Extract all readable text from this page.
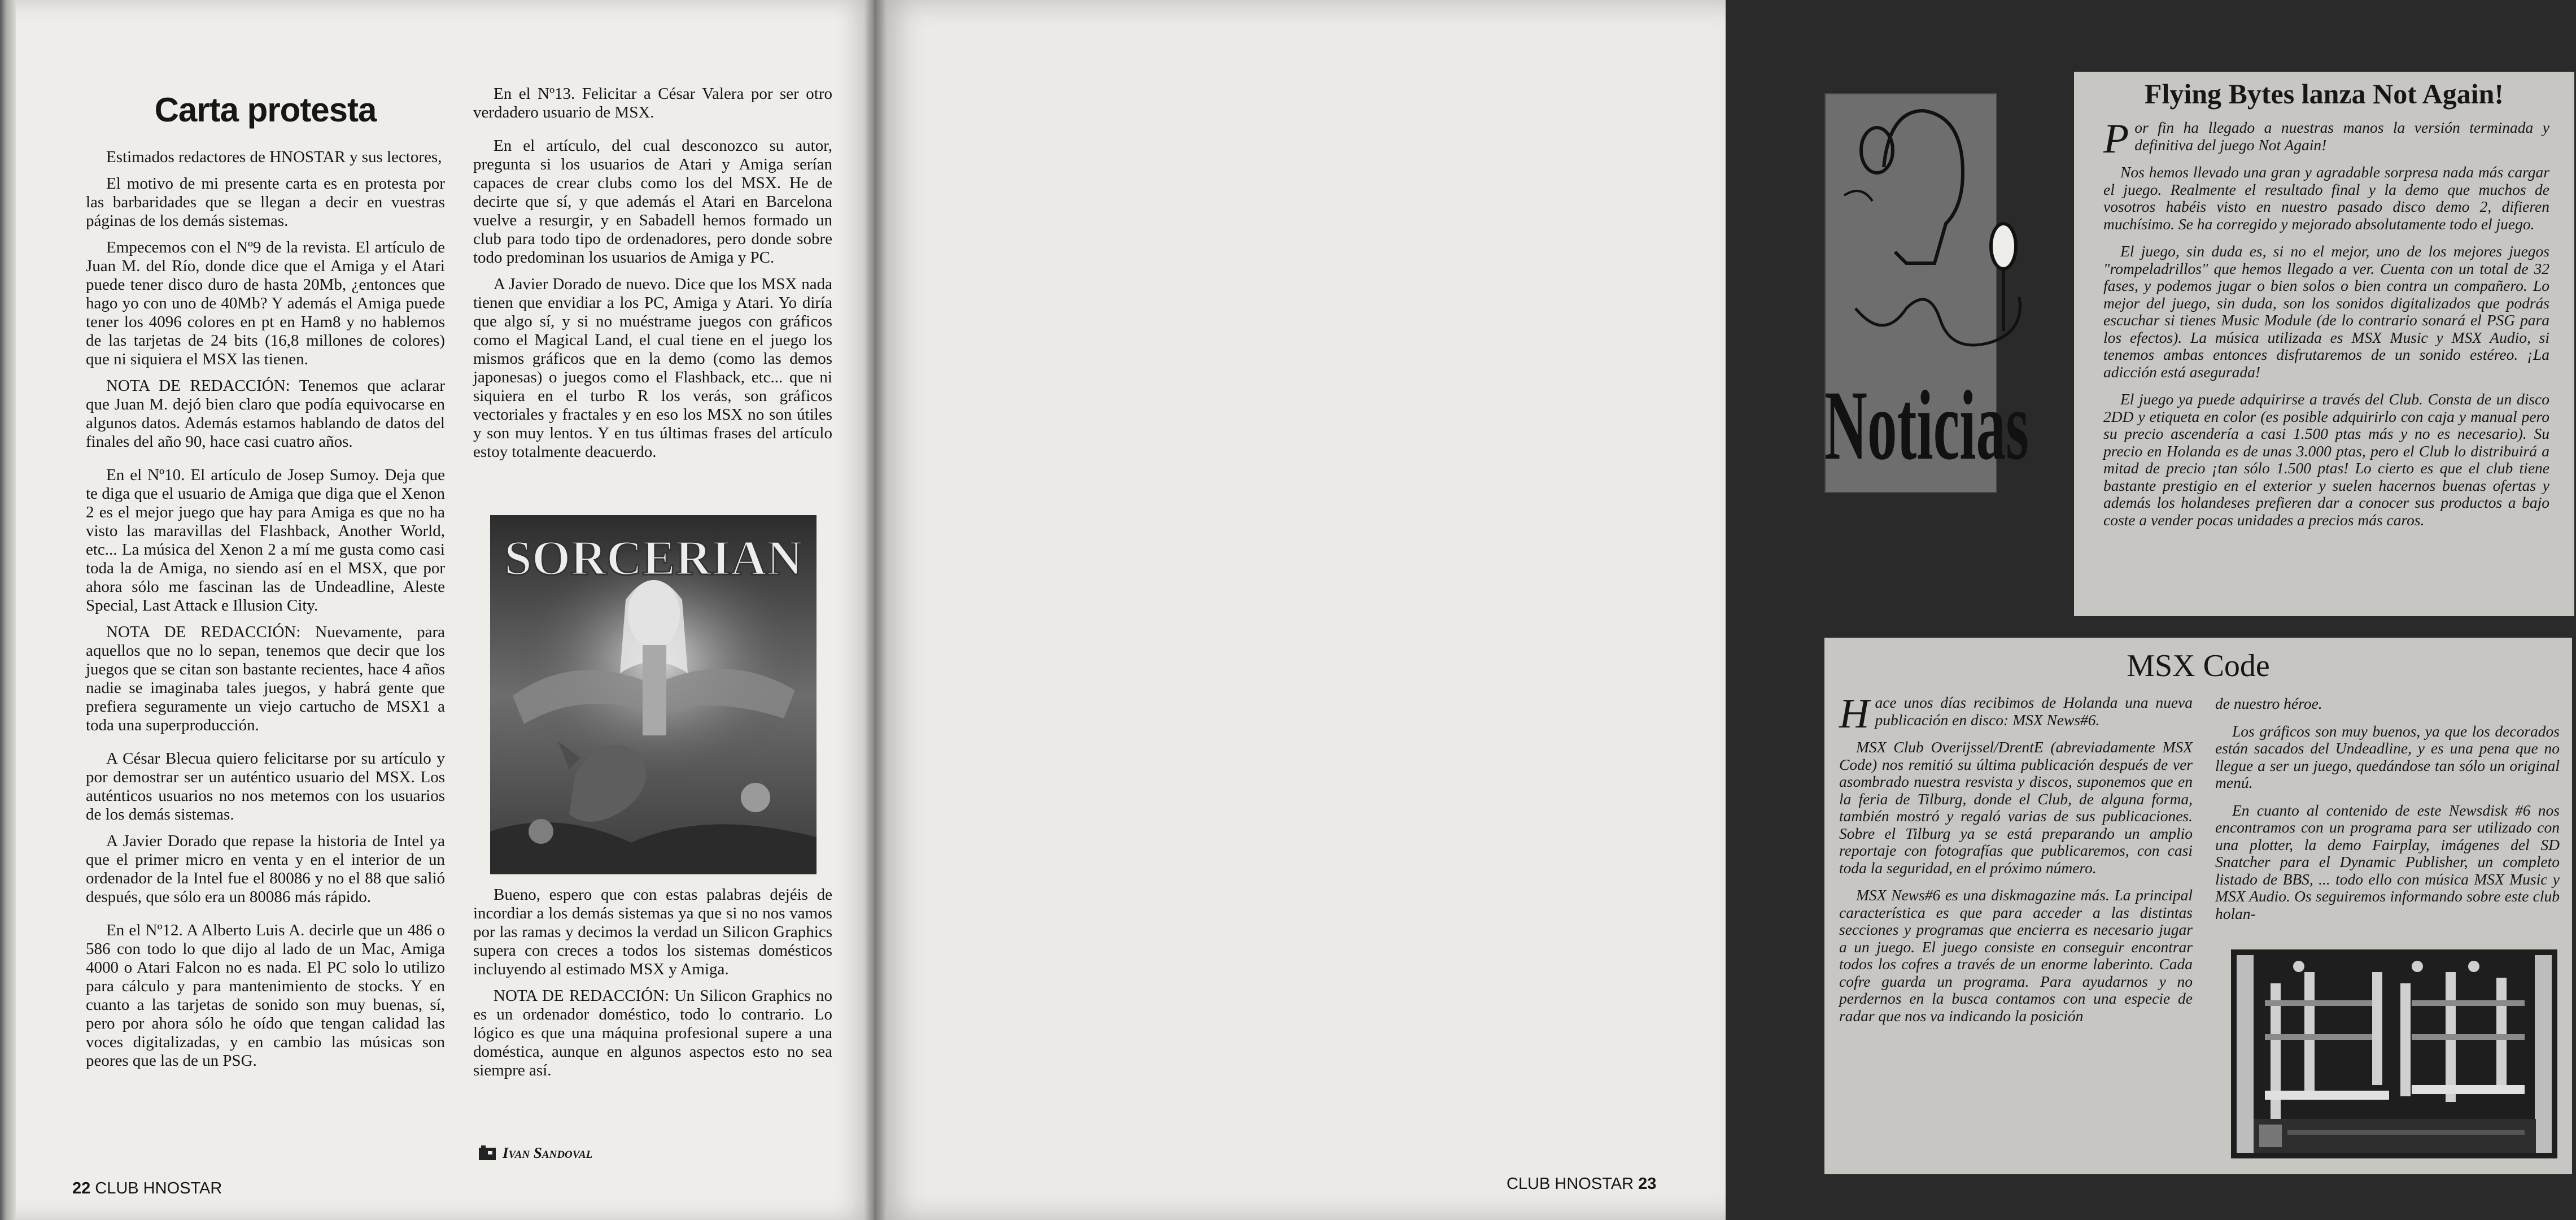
Carta protesta

Estimados redactores de HNOSTAR y sus lectores,

El motivo de mi presente carta es en protesta por las barbaridades que se llegan a decir en vuestras páginas de los demás sistemas.

Empecemos con el Nº9 de la revista. El artículo de Juan M. del Río, donde dice que el Amiga y el Atari puede tener disco duro de hasta 20Mb, ¿entonces que hago yo con uno de 40Mb? Y además el Amiga puede tener los 4096 colores en pt en Ham8 y no hablemos de las tarjetas de 24 bits (16,8 millones de colores) que ni siquiera el MSX las tienen.

NOTA DE REDACCIÓN: Tenemos que aclarar que Juan M. dejó bien claro que podía equivocarse en algunos datos. Además estamos hablando de datos del finales del año 90, hace casi cuatro años.

En el Nº10. El artículo de Josep Sumoy. Deja que te diga que el usuario de Amiga que diga que el Xenon 2 es el mejor juego que hay para Amiga es que no ha visto las maravillas del Flashback, Another World, etc... La música del Xenon 2 a mí me gusta como casi toda la de Amiga, no siendo así en el MSX, que por ahora sólo me fascinan las de Undeadline, Aleste Special, Last Attack e Illusion City.

NOTA DE REDACCIÓN: Nuevamente, para aquellos que no lo sepan, tenemos que decir que los juegos que se citan son bastante recientes, hace 4 años nadie se imaginaba tales juegos, y habrá gente que prefiera seguramente un viejo cartucho de MSX1 a toda una superproducción.

A César Blecua quiero felicitarse por su artículo y por demostrar ser un auténtico usuario del MSX. Los auténticos usuarios no nos metemos con los usuarios de los demás sistemas.

A Javier Dorado que repase la historia de Intel ya que el primer micro en venta y en el interior de un ordenador de la Intel fue el 80086 y no el 88 que salió después, que sólo era un 80086 más rápido.

En el Nº12. A Alberto Luis A. decirle que un 486 o 586 con todo lo que dijo al lado de un Mac, Amiga 4000 o Atari Falcon no es nada. El PC solo lo utilizo para cálculo y para mantenimiento de stocks. Y en cuanto a las tarjetas de sonido son muy buenas, sí, pero por ahora sólo he oído que tengan calidad las voces digitalizadas, y en cambio las músicas son peores que las de un PSG.

En el Nº13. Felicitar a César Valera por ser otro verdadero usuario de MSX.

En el artículo, del cual desconozco su autor, pregunta si los usuarios de Atari y Amiga serían capaces de crear clubs como los del MSX. He de decirte que sí, y que además el Atari en Barcelona vuelve a resurgir, y en Sabadell hemos formado un club para todo tipo de ordenadores, pero donde sobre todo predominan los usuarios de Amiga y PC.

A Javier Dorado de nuevo. Dice que los MSX nada tienen que envidiar a los PC, Amiga y Atari. Yo diría que algo sí, y si no muéstrame juegos con gráficos como el Magical Land, el cual tiene en el juego los mismos gráficos que en la demo (como las demos japonesas) o juegos como el Flashback, etc... que ni siquiera en el turbo R los verás, son gráficos vectoriales y fractales y en eso los MSX no son útiles y son muy lentos. Y en tus últimas frases del artículo estoy totalmente deacuerdo.

SORCERIAN

Bueno, espero que con estas palabras dejéis de incordiar a los demás sistemas ya que si no nos vamos por las ramas y decimos la verdad un Silicon Graphics supera con creces a todos los sistemas domésticos incluyendo al estimado MSX y Amiga.

NOTA DE REDACCIÓN: Un Silicon Graphics no es un ordenador doméstico, todo lo contrario. Lo lógico es que una máquina profesional supere a una doméstica, aunque en algunos aspectos esto no sea siempre así.

Ivan Sandoval
22 CLUB HNOSTAR
Noticias
Flying Bytes lanza Not Again!

Por fin ha llegado a nuestras manos la versión terminada y definitiva del juego Not Again!

Nos hemos llevado una gran y agradable sorpresa nada más cargar el juego. Realmente el resultado final y la demo que muchos de vosotros habéis visto en nuestro pasado disco demo 2, difieren muchísimo. Se ha corregido y mejorado absolutamente todo el juego.

El juego, sin duda es, si no el mejor, uno de los mejores juegos "rompeladrillos" que hemos llegado a ver. Cuenta con un total de 32 fases, y podemos jugar o bien solos o bien contra un compañero. Lo mejor del juego, sin duda, son los sonidos digitalizados que podrás escuchar si tienes Music Module (de lo contrario sonará el PSG para los efectos). La música utilizada es MSX Music y MSX Audio, si tenemos ambas entonces disfrutaremos de un sonido estéreo. ¡La adicción está asegurada!

El juego ya puede adquirirse a través del Club. Consta de un disco 2DD y etiqueta en color (es posible adquirirlo con caja y manual pero su precio ascendería a casi 1.500 ptas más y no es necesario). Su precio en Holanda es de unas 3.000 ptas, pero el Club lo distribuirá a mitad de precio ¡tan sólo 1.500 ptas! Lo cierto es que el club tiene bastante prestigio en el exterior y suelen hacernos buenas ofertas y además los holandeses prefieren dar a conocer sus productos a bajo coste a vender pocas unidades a precios más caros.

MSX Code

Hace unos días recibimos de Holanda una nueva publicación en disco: MSX News#6.

MSX Club Overijssel/DrentE (abreviadamente MSX Code) nos remitió su última publicación después de ver asombrado nuestra resvista y discos, suponemos que en la feria de Tilburg, donde el Club, de alguna forma, también mostró y regaló varias de sus publicaciones. Sobre el Tilburg ya se está preparando un amplio reportaje con fotografías que publicaremos, con casi toda la seguridad, en el próximo número.

MSX News#6 es una diskmagazine más. La principal característica es que para acceder a las distintas secciones y programas que encierra es necesario jugar a un juego. El juego consiste en conseguir encontrar todos los cofres a través de un enorme laberinto. Cada cofre guarda un programa. Para ayudarnos y no perdernos en la busca contamos con una especie de radar que nos va indicando la posición

de nuestro héroe.

Los gráficos son muy buenos, ya que los decorados están sacados del Undeadline, y es una pena que no llegue a ser un juego, quedándose tan sólo un original menú.

En cuanto al contenido de este Newsdisk #6 nos encontramos con un programa para ser utilizado con una plotter, la demo Fairplay, imágenes del SD Snatcher para el Dynamic Publisher, un completo listado de BBS, ... todo ello con música MSX Music y MSX Audio. Os seguiremos informando sobre este club holan-

CLUB HNOSTAR 23
